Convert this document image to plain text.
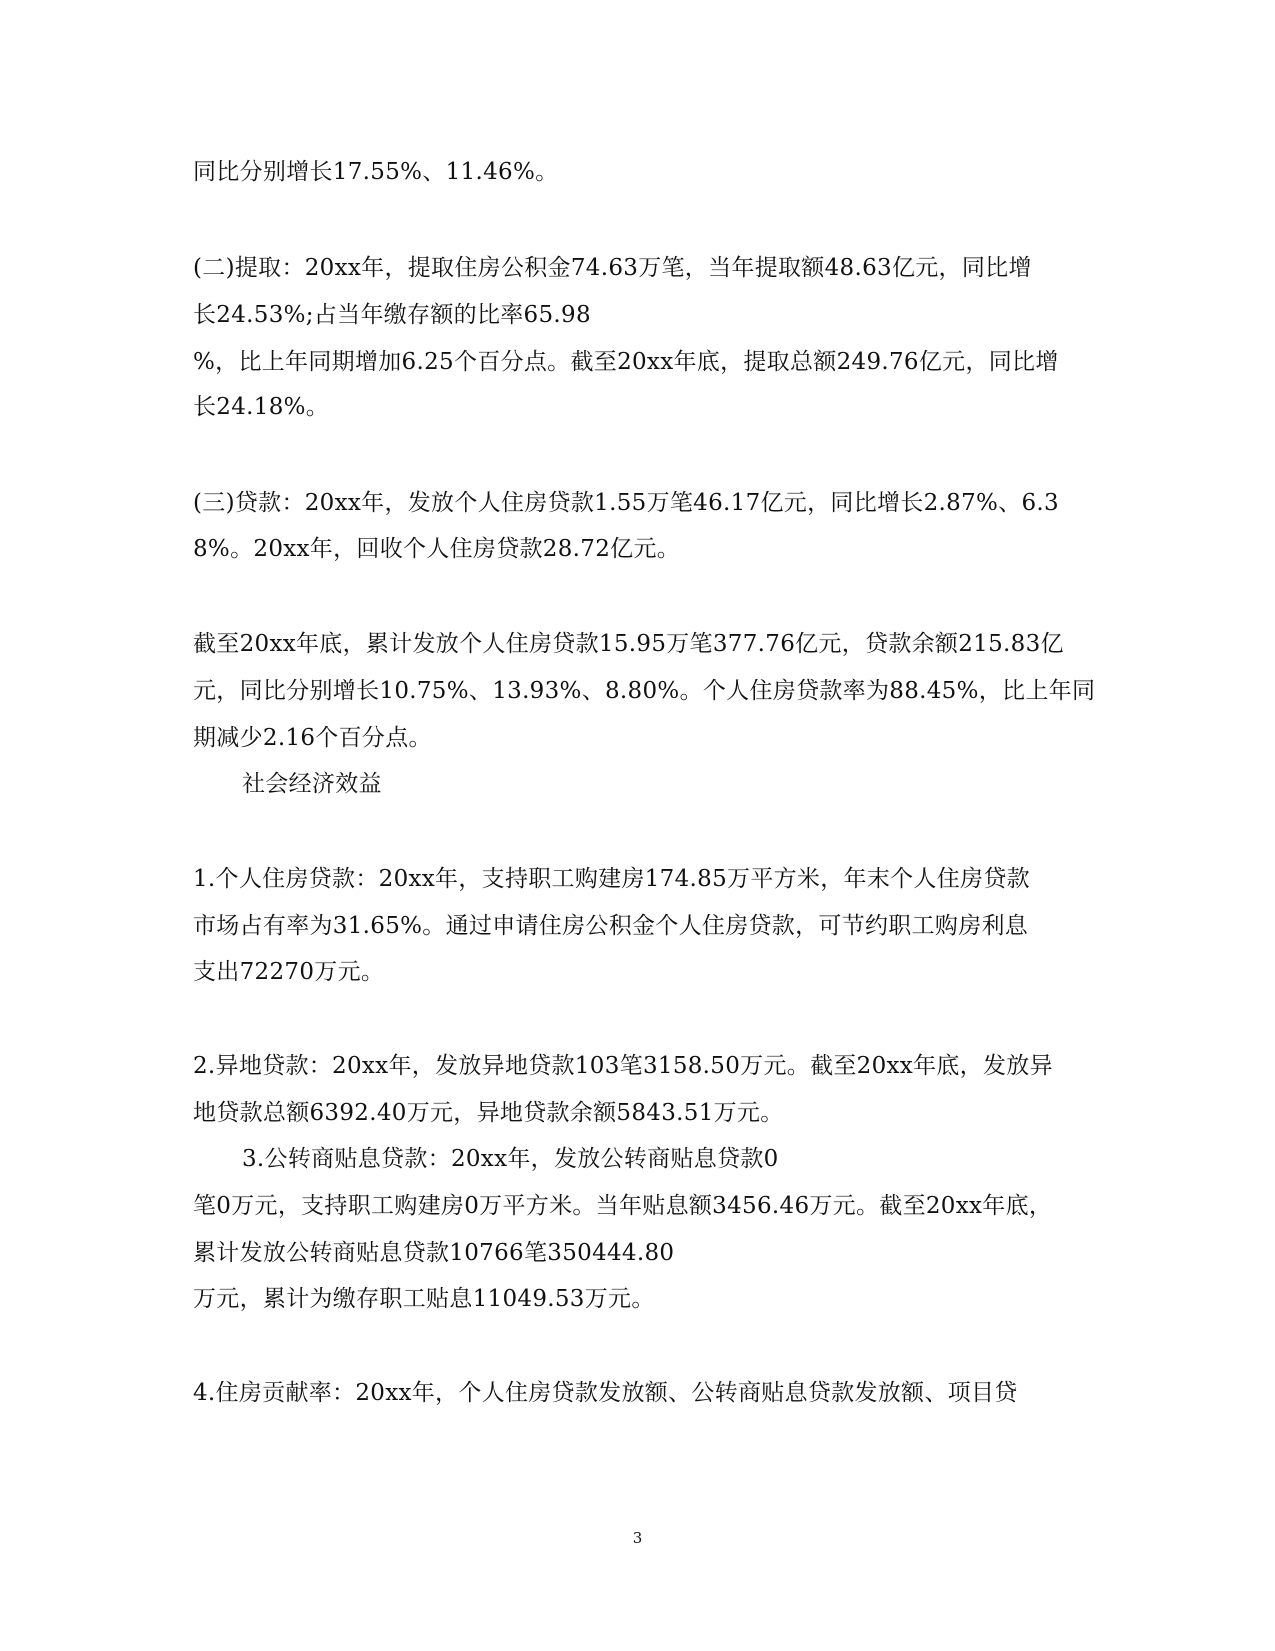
同比分别增长17.55%、11.46%。
(二)提取：20xx年，提取住房公积金74.63万笔，当年提取额48.63亿元，同比增
长24.53%;占当年缴存额的比率65.98
%，比上年同期增加6.25个百分点。截至20xx年底，提取总额249.76亿元，同比增
长24.18%。
(三)贷款：20xx年，发放个人住房贷款1.55万笔46.17亿元，同比增长2.87%、6.3
8%。20xx年，回收个人住房贷款28.72亿元。
截至20xx年底，累计发放个人住房贷款15.95万笔377.76亿元，贷款余额215.83亿
元，同比分别增长10.75%、13.93%、8.80%。个人住房贷款率为88.45%，比上年同
期减少2.16个百分点。
社会经济效益
1.个人住房贷款：20xx年，支持职工购建房174.85万平方米，年末个人住房贷款
市场占有率为31.65%。通过申请住房公积金个人住房贷款，可节约职工购房利息
支出72270万元。
2.异地贷款：20xx年，发放异地贷款103笔3158.50万元。截至20xx年底，发放异
地贷款总额6392.40万元，异地贷款余额5843.51万元。
3.公转商贴息贷款：20xx年，发放公转商贴息贷款0
笔0万元，支持职工购建房0万平方米。当年贴息额3456.46万元。截至20xx年底，
累计发放公转商贴息贷款10766笔350444.80
万元，累计为缴存职工贴息11049.53万元。
4.住房贡献率：20xx年，个人住房贷款发放额、公转商贴息贷款发放额、项目贷
3
